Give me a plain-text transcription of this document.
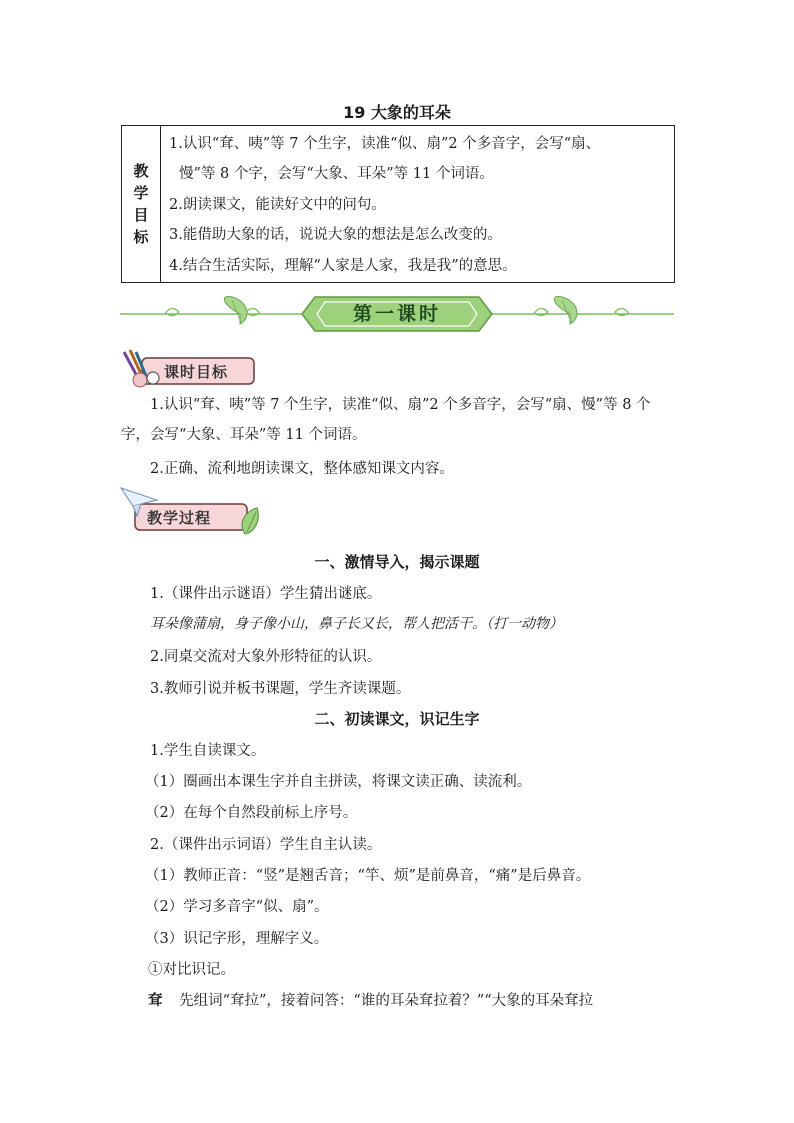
19 大象的耳朵
教
学
目
标

1.认识“耷、咦”等 7 个生字，读准“似、扇”2 个多音字，会写“扇、
慢”等 8 个字，会写“大象、耳朵”等 11 个词语。
2.朗读课文，能读好文中的问句。
3.能借助大象的话，说说大象的想法是怎么改变的。
4.结合生活实际，理解“人家是人家，我是我”的意思。
第一课时
课时目标
1.认识“耷、咦”等 7 个生字，读准“似、扇”2 个多音字，会写“扇、慢”等 8 个字，会写“大象、耳朵”等 11 个词语。
2.正确、流利地朗读课文，整体感知课文内容。
教学过程
一、激情导入，揭示课题
1.（课件出示谜语）学生猜出谜底。
耳朵像蒲扇，身子像小山，鼻子长又长，帮人把活干。（打一动物）
2.同桌交流对大象外形特征的认识。
3.教师引说并板书课题，学生齐读课题。
二、初读课文，识记生字
1.学生自读课文。
（1）圈画出本课生字并自主拼读，将课文读正确、读流利。
（2）在每个自然段前标上序号。
2.（课件出示词语）学生自主认读。
（1）教师正音：“竖”是翘舌音；“竿、烦”是前鼻音，“痛”是后鼻音。
（2）学习多音字“似、扇”。
（3）识记字形，理解字义。
①对比识记。
耷 先组词“耷拉”，接着问答：“谁的耳朵耷拉着？”“大象的耳朵耷拉
